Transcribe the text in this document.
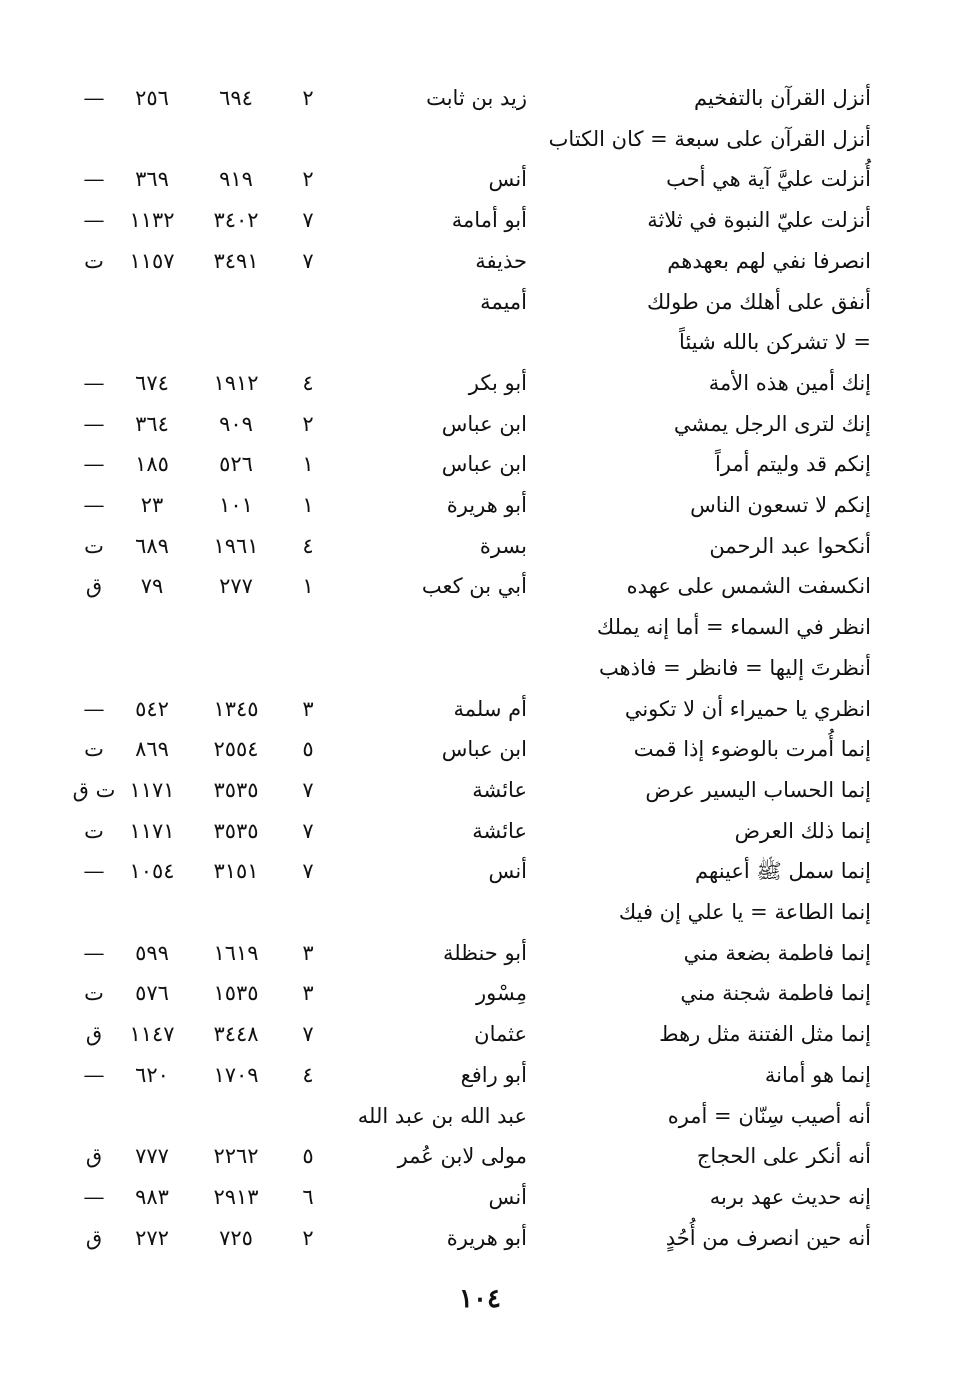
أنزل القرآن بالتفخيم
زيد بن ثابت
٢
٦٩٤
٢٥٦
—
أنزل القرآن على سبعة = كان الكتاب
أُنزلت عليَّ آية هي أحب
أنس
٢
٩١٩
٣٦٩
—
أنزلت عليّ النبوة في ثلاثة
أبو أمامة
٧
٣٤٠٢
١١٣٢
—
انصرفا نفي لهم بعهدهم
حذيفة
٧
٣٤٩١
١١٥٧
ت
أنفق على أهلك من طولك
أميمة
= لا تشركن بالله شيئاً
إنك أمين هذه الأمة
أبو بكر
٤
١٩١٢
٦٧٤
—
إنك لترى الرجل يمشي
ابن عباس
٢
٩٠٩
٣٦٤
—
إنكم قد وليتم أمراً
ابن عباس
١
٥٢٦
١٨٥
—
إنكم لا تسعون الناس
أبو هريرة
١
١٠١
٢٣
—
أنكحوا عبد الرحمن
بسرة
٤
١٩٦١
٦٨٩
ت
انكسفت الشمس على عهده
أبي بن كعب
١
٢٧٧
٧٩
ق
انظر في السماء = أما إنه يملك
أنظرتَ إليها = فانظر = فاذهب
انظري يا حميراء أن لا تكوني
أم سلمة
٣
١٣٤٥
٥٤٢
—
إنما أُمرت بالوضوء إذا قمت
ابن عباس
٥
٢٥٥٤
٨٦٩
ت
إنما الحساب اليسير عرض
عائشة
٧
٣٥٣٥
١١٧١
ت ق
إنما ذلك العرض
عائشة
٧
٣٥٣٥
١١٧١
ت
إنما سمل ﷺ أعينهم
أنس
٧
٣١٥١
١٠٥٤
—
إنما الطاعة = يا علي إن فيك
إنما فاطمة بضعة مني
أبو حنظلة
٣
١٦١٩
٥٩٩
—
إنما فاطمة شجنة مني
مِسْور
٣
١٥٣٥
٥٧٦
ت
إنما مثل الفتنة مثل رهط
عثمان
٧
٣٤٤٨
١١٤٧
ق
إنما هو أمانة
أبو رافع
٤
١٧٠٩
٦٢٠
—
أنه أصيب سِنّان = أمره
عبد الله بن عبد الله
أنه أنكر على الحجاج
مولى لابن عُمر
٥
٢٢٦٢
٧٧٧
ق
إنه حديث عهد بربه
أنس
٦
٢٩١٣
٩٨٣
—
أنه حين انصرف من أُحُدٍ
أبو هريرة
٢
٧٢٥
٢٧٢
ق
١٠٤
